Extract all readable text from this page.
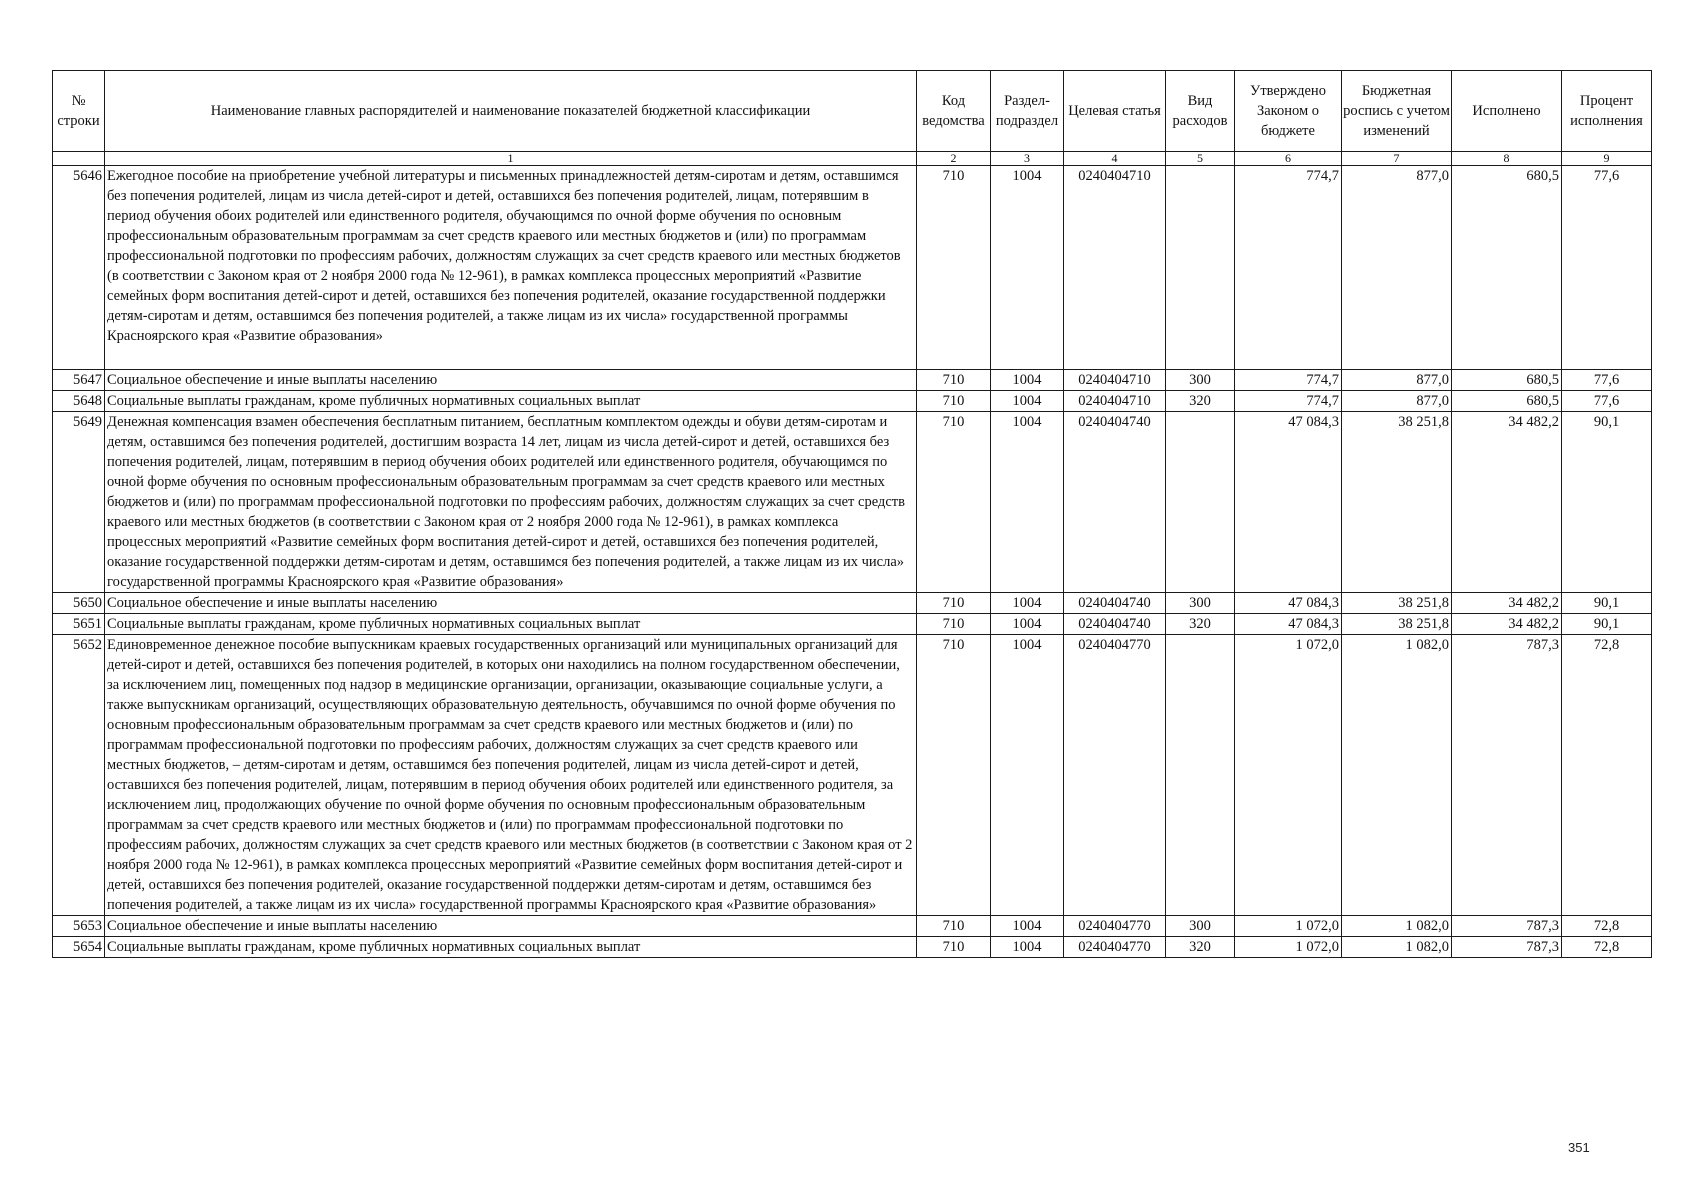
№ строки	Наименование главных распорядителей и наименование показателей бюджетной классификации	Код ведомства	Раздел-подраздел	Целевая статья	Вид расходов	Утверждено Законом о бюджете	Бюджетная роспись с учетом изменений	Исполнено	Процент исполнения
	1	2	3	4	5	6	7	8	9
5646	Ежегодное пособие на приобретение учебной литературы и письменных принадлежностей детям-сиротам и детям, оставшимся без попечения родителей, лицам из числа детей-сирот и детей, оставшихся без попечения родителей, лицам, потерявшим в период обучения обоих родителей или единственного родителя, обучающимся по очной форме обучения по основным профессиональным образовательным программам за счет средств краевого или местных бюджетов и (или) по программам профессиональной подготовки по профессиям рабочих, должностям служащих за счет средств краевого или местных бюджетов (в соответствии с Законом края от 2 ноября 2000 года № 12-961), в рамках комплекса процессных мероприятий «Развитие семейных форм воспитания детей-сирот и детей, оставшихся без попечения родителей, оказание государственной поддержки детям-сиротам и детям, оставшимся без попечения родителей, а также лицам из их числа» государственной программы Красноярского края «Развитие образования»	710	1004	0240404710		774,7	877,0	680,5	77,6
5647	Социальное обеспечение и иные выплаты населению	710	1004	0240404710	300	774,7	877,0	680,5	77,6
5648	Социальные выплаты гражданам, кроме публичных нормативных социальных выплат	710	1004	0240404710	320	774,7	877,0	680,5	77,6
5649	Денежная компенсация взамен обеспечения бесплатным питанием, бесплатным комплектом одежды и обуви детям-сиротам и детям, оставшимся без попечения родителей, достигшим возраста 14 лет, лицам из числа детей-сирот и детей, оставшихся без попечения родителей, лицам, потерявшим в период обучения обоих родителей или единственного родителя, обучающимся по очной форме обучения по основным профессиональным образовательным программам за счет средств краевого или местных бюджетов и (или) по программам профессиональной подготовки по профессиям рабочих, должностям служащих за счет средств краевого или местных бюджетов (в соответствии с Законом края от 2 ноября 2000 года № 12-961), в рамках комплекса процессных мероприятий «Развитие семейных форм воспитания детей-сирот и детей, оставшихся без попечения родителей, оказание государственной поддержки детям-сиротам и детям, оставшимся без попечения родителей, а также лицам из их числа» государственной программы Красноярского края «Развитие образования»	710	1004	0240404740		47 084,3	38 251,8	34 482,2	90,1
5650	Социальное обеспечение и иные выплаты населению	710	1004	0240404740	300	47 084,3	38 251,8	34 482,2	90,1
5651	Социальные выплаты гражданам, кроме публичных нормативных социальных выплат	710	1004	0240404740	320	47 084,3	38 251,8	34 482,2	90,1
5652	Единовременное денежное пособие выпускникам краевых государственных организаций или муниципальных организаций для детей-сирот и детей, оставшихся без попечения родителей, в которых они находились на полном государственном обеспечении, за исключением лиц, помещенных под надзор в медицинские организации, организации, оказывающие социальные услуги, а также выпускникам организаций, осуществляющих образовательную деятельность, обучавшимся по очной форме обучения по основным профессиональным образовательным программам за счет средств краевого или местных бюджетов и (или) по программам профессиональной подготовки по профессиям рабочих, должностям служащих за счет средств краевого или местных бюджетов, – детям-сиротам и детям, оставшимся без попечения родителей, лицам из числа детей-сирот и детей, оставшихся без попечения родителей, лицам, потерявшим в период обучения обоих родителей или единственного родителя, за исключением лиц, продолжающих обучение по очной форме обучения по основным профессиональным образовательным программам за счет средств краевого или местных бюджетов и (или) по программам профессиональной подготовки по профессиям рабочих, должностям служащих за счет средств краевого или местных бюджетов (в соответствии с Законом края от 2 ноября 2000 года № 12-961), в рамках комплекса процессных мероприятий «Развитие семейных форм воспитания детей-сирот и детей, оставшихся без попечения родителей, оказание государственной поддержки детям-сиротам и детям, оставшимся без попечения родителей, а также лицам из их числа» государственной программы Красноярского края «Развитие образования»	710	1004	0240404770		1 072,0	1 082,0	787,3	72,8
5653	Социальное обеспечение и иные выплаты населению	710	1004	0240404770	300	1 072,0	1 082,0	787,3	72,8
5654	Социальные выплаты гражданам, кроме публичных нормативных социальных выплат	710	1004	0240404770	320	1 072,0	1 082,0	787,3	72,8
351
